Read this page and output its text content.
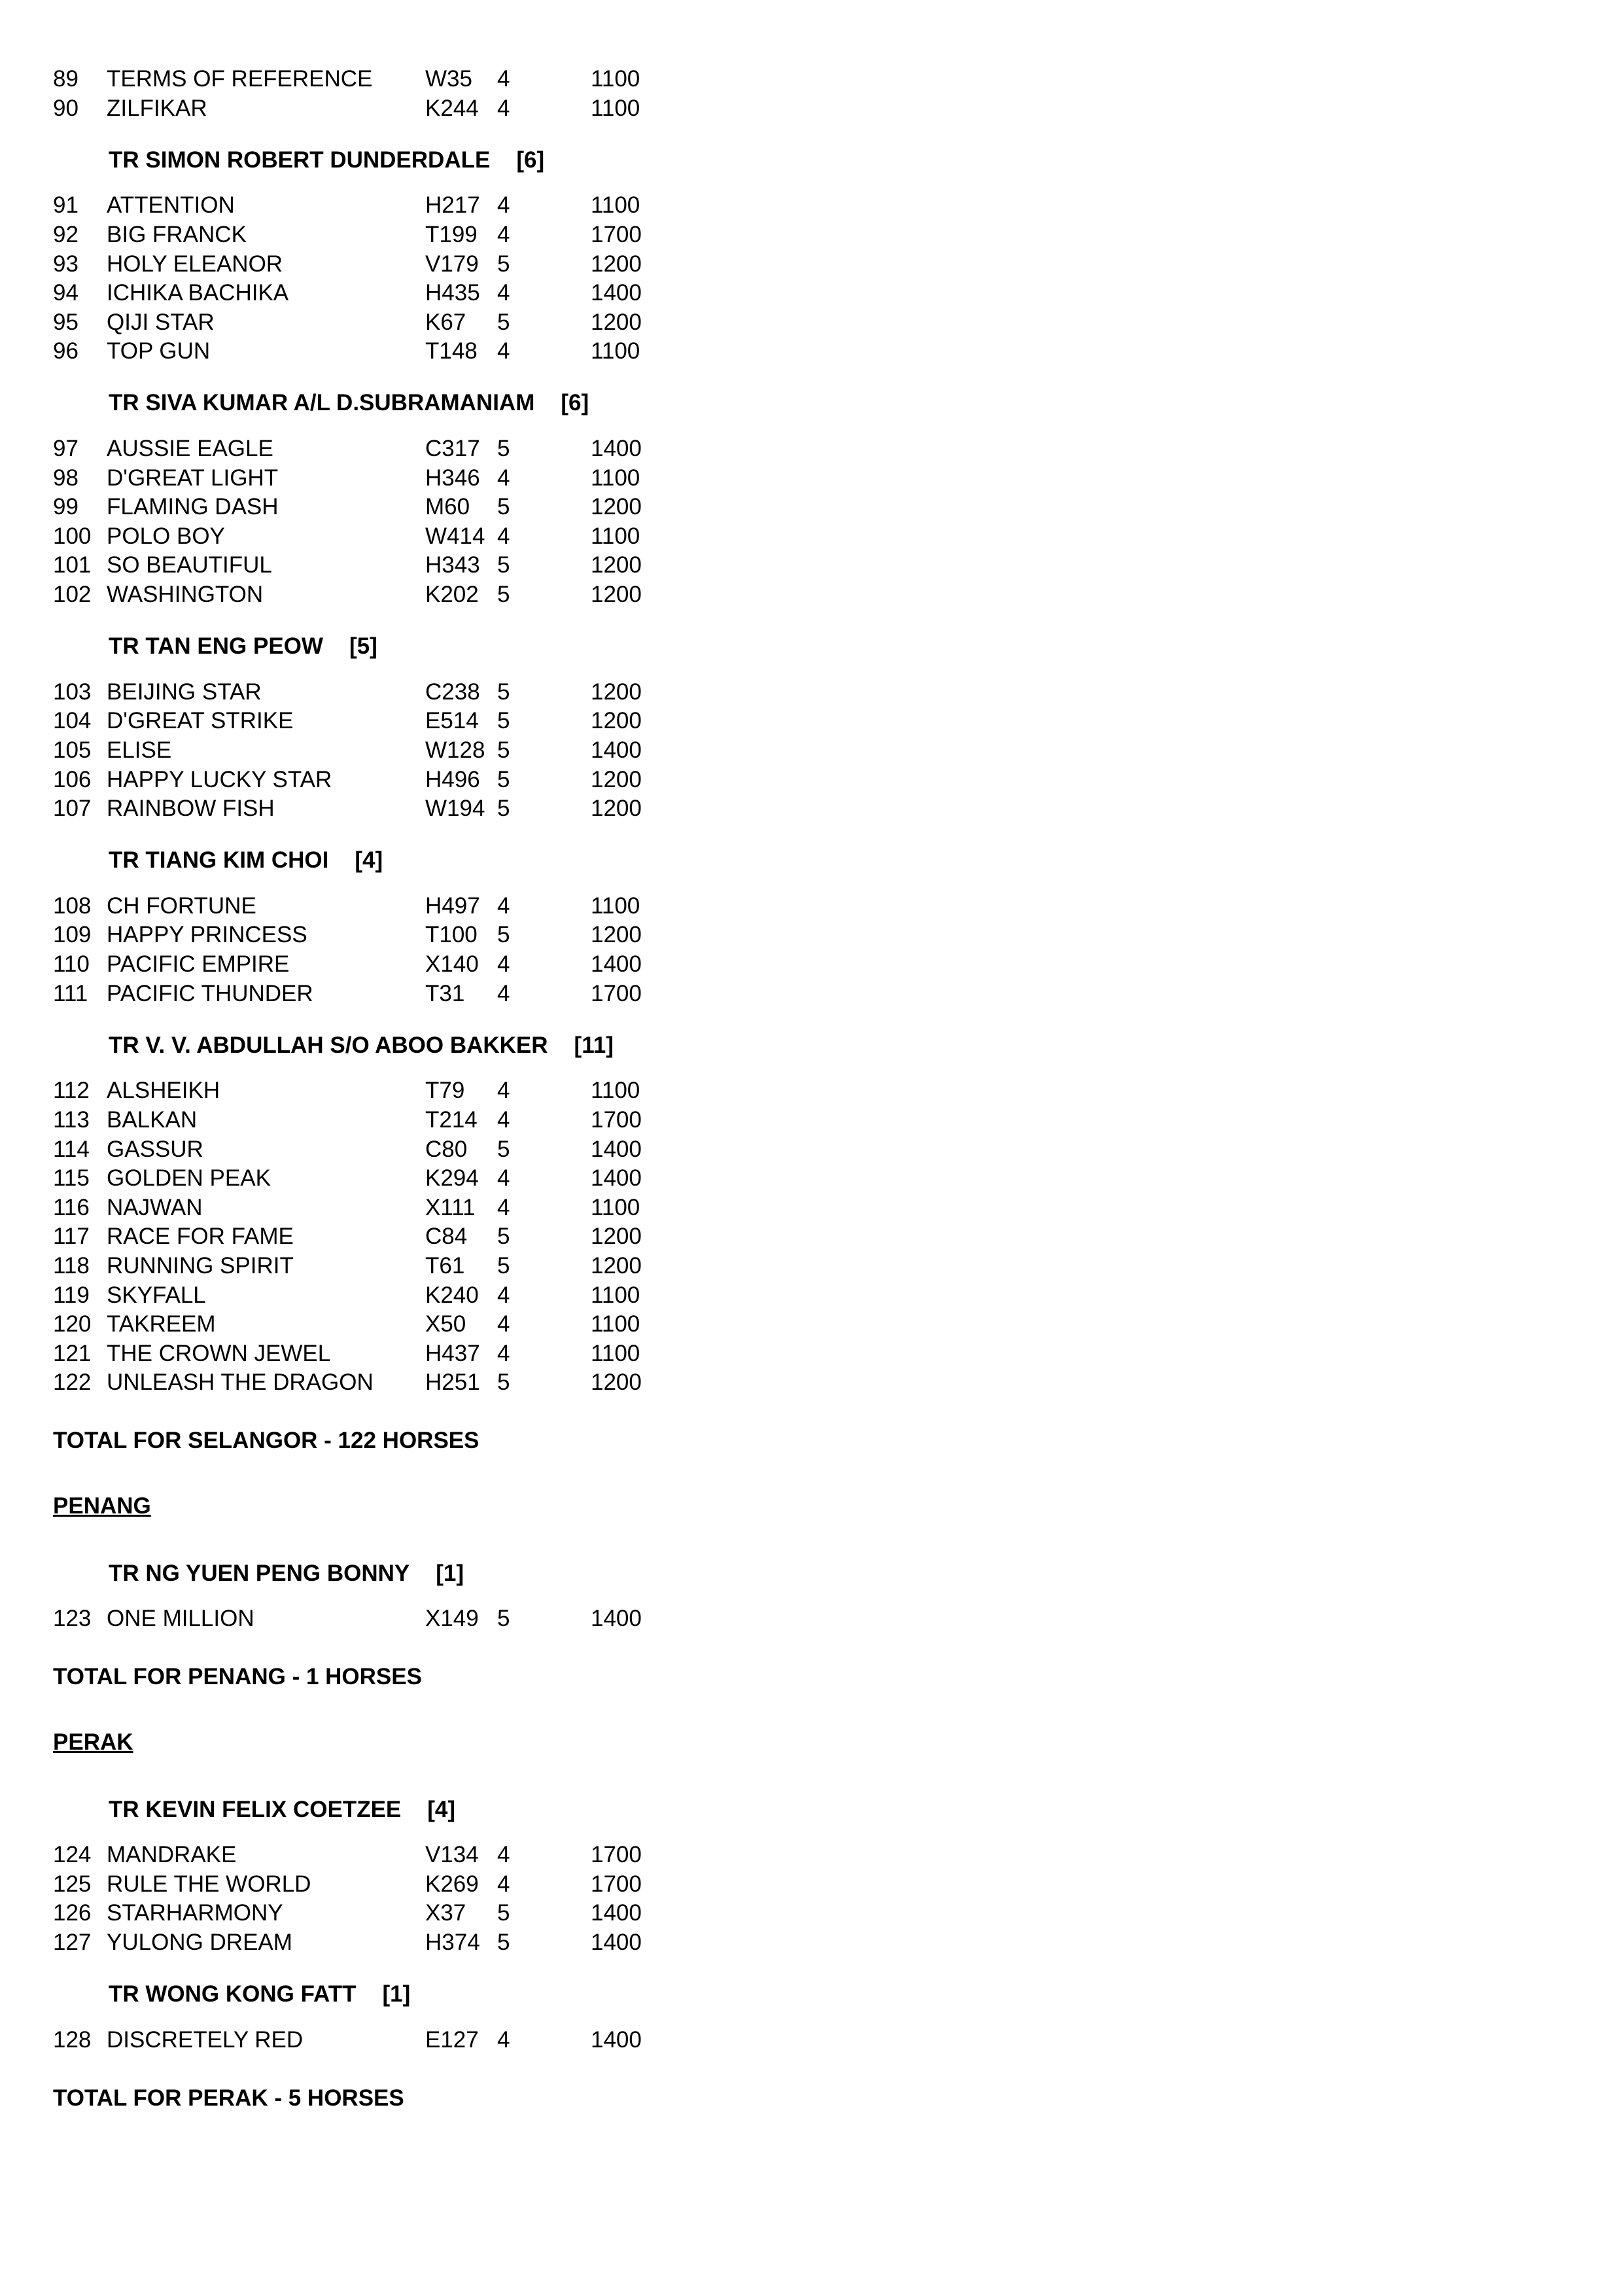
89 TERMS OF REFERENCE W35 4	1100
90 ZILFIKAR	K244 4	1100
TR SIMON ROBERT DUNDERDALE [6]
91 ATTENTION	H217 4	1100
92 BIG FRANCK	T199 4	1700
93 HOLY ELEANOR	V179 5	1200
94 ICHIKA BACHIKA	H435 4	1400
95 QIJI STAR	K67 5	1200
96 TOP GUN	T148 4	1100
TR SIVA KUMAR A/L D.SUBRAMANIAM [6]
97 AUSSIE EAGLE	C317 5	1400
98 D'GREAT LIGHT	H346 4	1100
99 FLAMING DASH	M60 5	1200
100 POLO BOY	W414 4	1100
101 SO BEAUTIFUL	H343 5	1200
102 WASHINGTON	K202 5	1200
TR TAN ENG PEOW [5]
103 BEIJING STAR	C238 5	1200
104 D'GREAT STRIKE	E514 5	1200
105 ELISE	W128 5	1400
106 HAPPY LUCKY STAR	H496 5	1200
107 RAINBOW FISH	W194 5	1200
TR TIANG KIM CHOI [4]
108 CH FORTUNE	H497 4	1100
109 HAPPY PRINCESS	T100 5	1200
110 PACIFIC EMPIRE	X140 4	1400
111 PACIFIC THUNDER	T31 4	1700
TR V. V. ABDULLAH S/O ABOO BAKKER [11]
112 ALSHEIKH	T79 4	1100
113 BALKAN	T214 4	1700
114 GASSUR	C80 5	1400
115 GOLDEN PEAK	K294 4	1400
116 NAJWAN	X111 4	1100
117 RACE FOR FAME	C84 5	1200
118 RUNNING SPIRIT	T61 5	1200
119 SKYFALL	K240 4	1100
120 TAKREEM	X50 4	1100
121 THE CROWN JEWEL	H437 4	1100
122 UNLEASH THE DRAGON H251 5	1200
TOTAL FOR SELANGOR - 122 HORSES
PENANG
TR NG YUEN PENG BONNY [1]
123 ONE MILLION	X149 5	1400
TOTAL FOR PENANG - 1 HORSES
PERAK
TR KEVIN FELIX COETZEE [4]
124 MANDRAKE	V134 4	1700
125 RULE THE WORLD	K269 4	1700
126 STARHARMONY	X37 5	1400
127 YULONG DREAM	H374 5	1400
TR WONG KONG FATT [1]
128 DISCRETELY RED	E127 4	1400
TOTAL FOR PERAK - 5 HORSES
